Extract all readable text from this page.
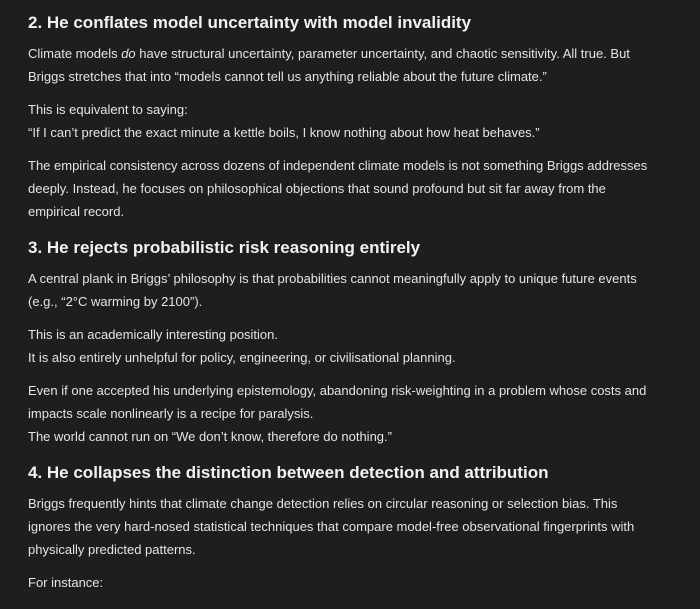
2. He conflates model uncertainty with model invalidity

Climate models do have structural uncertainty, parameter uncertainty, and chaotic sensitivity. All true. But
Briggs stretches that into “models cannot tell us anything reliable about the future climate.”

This is equivalent to saying:
“If I can’t predict the exact minute a kettle boils, I know nothing about how heat behaves.”

The empirical consistency across dozens of independent climate models is not something Briggs addresses
deeply. Instead, he focuses on philosophical objections that sound profound but sit far away from the
empirical record.

3. He rejects probabilistic risk reasoning entirely

A central plank in Briggs’ philosophy is that probabilities cannot meaningfully apply to unique future events
(e.g., “2°C warming by 2100”).

This is an academically interesting position.
It is also entirely unhelpful for policy, engineering, or civilisational planning.

Even if one accepted his underlying epistemology, abandoning risk-weighting in a problem whose costs and
impacts scale nonlinearly is a recipe for paralysis.
The world cannot run on “We don’t know, therefore do nothing.”

4. He collapses the distinction between detection and attribution

Briggs frequently hints that climate change detection relies on circular reasoning or selection bias. This
ignores the very hard-nosed statistical techniques that compare model-free observational fingerprints with
physically predicted patterns.

For instance:
